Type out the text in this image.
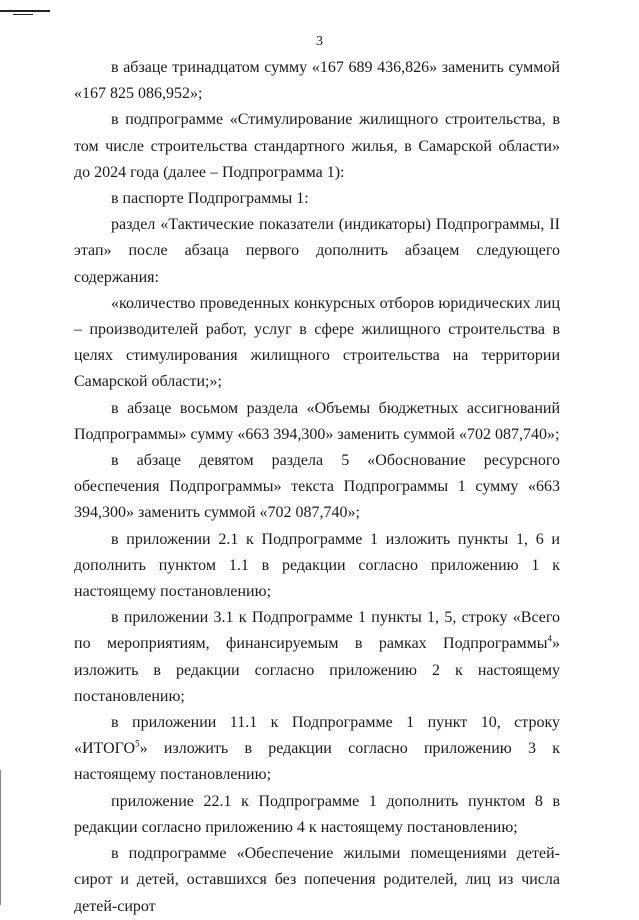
3

в абзаце тринадцатом сумму «167 689 436,826» заменить суммой «167 825 086,952»;

в подпрограмме «Стимулирование жилищного строительства, в том числе строительства стандартного жилья, в Самарской области» до 2024 года (далее – Подпрограмма 1):

в паспорте Подпрограммы 1:

раздел «Тактические показатели (индикаторы) Подпрограммы, II этап» после абзаца первого дополнить абзацем следующего содержания:

«количество проведенных конкурсных отборов юридических лиц – производителей работ, услуг в сфере жилищного строительства в целях стимулирования жилищного строительства на территории Самарской области;»;

в абзаце восьмом раздела «Объемы бюджетных ассигнований Подпрограммы» сумму «663 394,300» заменить суммой «702 087,740»;

в абзаце девятом раздела 5 «Обоснование ресурсного обеспечения Подпрограммы» текста Подпрограммы 1 сумму «663 394,300» заменить суммой «702 087,740»;

в приложении 2.1 к Подпрограмме 1 изложить пункты 1, 6 и дополнить пунктом 1.1 в редакции согласно приложению 1 к настоящему постановлению;

в приложении 3.1 к Подпрограмме 1 пункты 1, 5, строку «Всего по мероприятиям, финансируемым в рамках Подпрограммы$^4$» изложить в редакции согласно приложению 2 к настоящему постановлению;

в приложении 11.1 к Подпрограмме 1 пункт 10, строку «ИТОГО$^5$» изложить в редакции согласно приложению 3 к настоящему постановлению;

приложение 22.1 к Подпрограмме 1 дополнить пунктом 8 в редакции согласно приложению 4 к настоящему постановлению;

в подпрограмме «Обеспечение жилыми помещениями детей-сирот и детей, оставшихся без попечения родителей, лиц из числа детей-сирот
